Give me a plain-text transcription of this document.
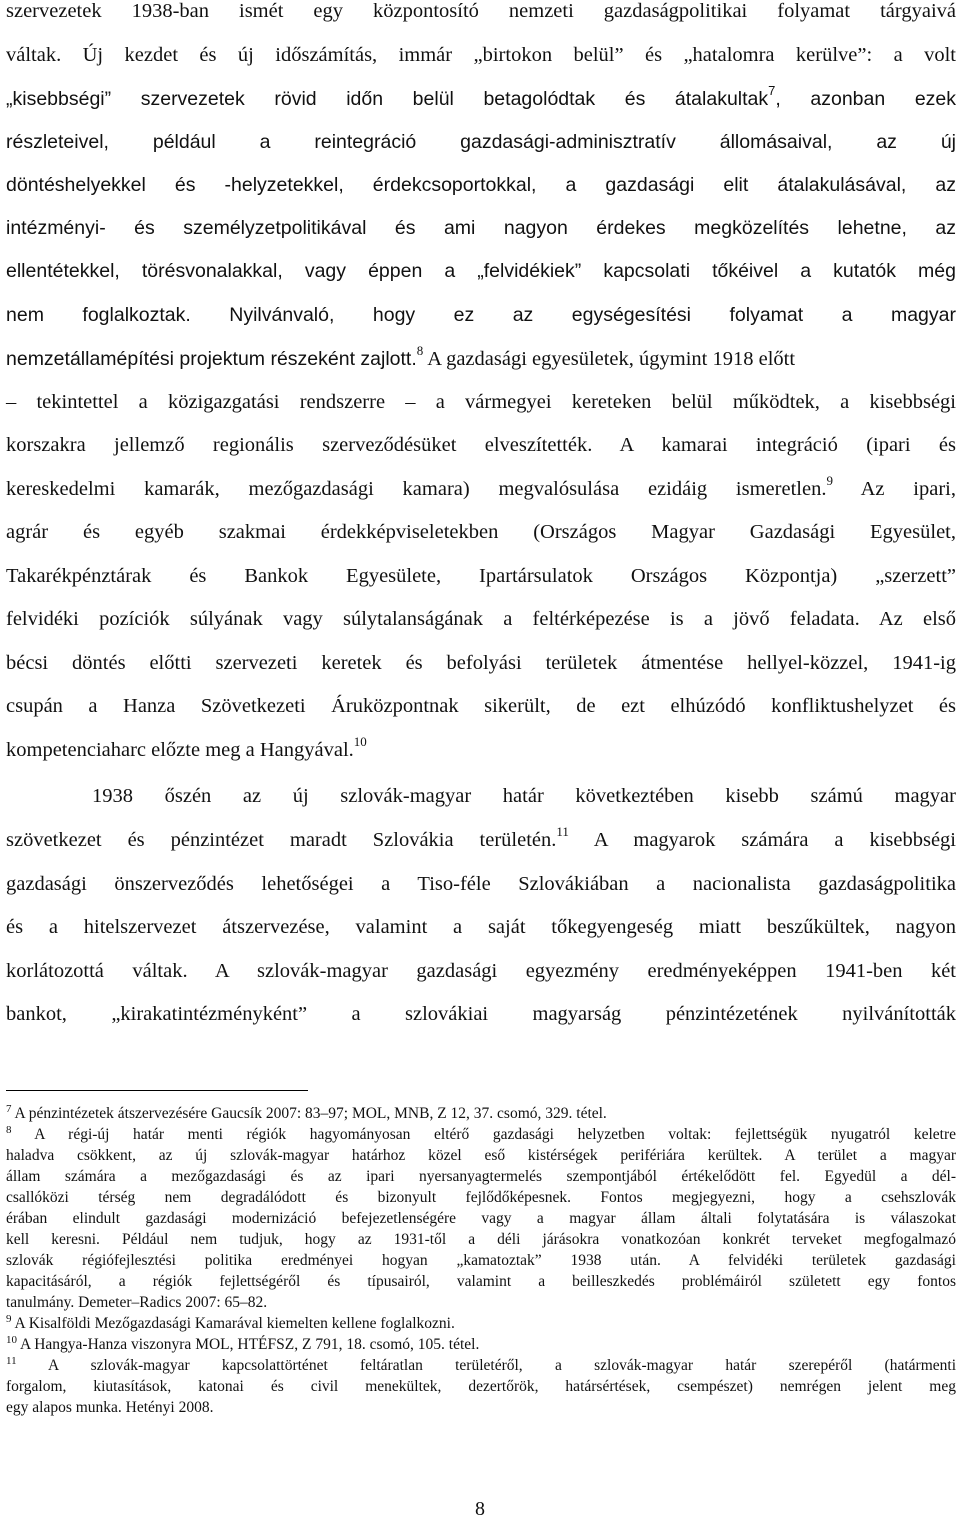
szervezetek 1938-ban ismét egy központosító nemzeti gazdaságpolitikai folyamat tárgyaivá
váltak. Új kezdet és új időszámítás, immár „birtokon belül” és „hatalomra kerülve”: a volt
„kisebbségi” szervezetek rövid időn belül betagolódtak és átalakultak$^7$, azonban ezek
részleteivel, például a reintegráció gazdasági-adminisztratív állomásaival, az új
döntéshelyekkel és -helyzetekkel, érdekcsoportokkal, a gazdasági elit átalakulásával, az
intézményi- és személyzetpolitikával és ami nagyon érdekes megközelítés lehetne, az
ellentétekkel, törésvonalakkal, vagy éppen a „felvidékiek” kapcsolati tőkéivel a kutatók még
nem foglalkoztak. Nyilvánvaló, hogy ez az egységesítési folyamat a magyar
nemzetállamépítési projektum részeként zajlott.$^8$ A gazdasági egyesületek, úgymint 1918 előtt
– tekintettel a közigazgatási rendszerre – a vármegyei kereteken belül működtek, a kisebbségi
korszakra jellemző regionális szerveződésüket elveszítették. A kamarai integráció (ipari és
kereskedelmi kamarák, mezőgazdasági kamara) megvalósulása ezidáig ismeretlen.$^9$ Az ipari,
agrár és egyéb szakmai érdekképviseletekben (Országos Magyar Gazdasági Egyesület,
Takarékpénztárak és Bankok Egyesülete, Ipartársulatok Országos Központja) „szerzett”
felvidéki pozíciók súlyának vagy súlytalanságának a feltérképezése is a jövő feladata. Az első
bécsi döntés előtti szervezeti keretek és befolyási területek átmentése hellyel-közzel, 1941-ig
csupán a Hanza Szövetkezeti Áruközpontnak sikerült, de ezt elhúzódó konfliktushelyzet és
kompetenciaharc előzte meg a Hangyával.$^{10}$
1938 őszén az új szlovák-magyar határ következtében kisebb számú magyar
szövetkezet és pénzintézet maradt Szlovákia területén.$^{11}$ A magyarok számára a kisebbségi
gazdasági önszerveződés lehetőségei a Tiso-féle Szlovákiában a nacionalista gazdaságpolitika
és a hitelszervezet átszervezése, valamint a saját tőkegyengeség miatt beszűkültek, nagyon
korlátozottá váltak. A szlovák-magyar gazdasági egyezmény eredményeképpen 1941-ben két
bankot, „kirakatintézményként” a szlovákiai magyarság pénzintézetének nyilvánították
$^7$ A pénzintézetek átszervezésére Gaucsík 2007: 83–97; MOL, MNB, Z 12, 37. csomó, 329. tétel.
$^8$ A régi-új határ menti régiók hagyományosan eltérő gazdasági helyzetben voltak: fejlettségük nyugatról keletre
haladva csökkent, az új szlovák-magyar határhoz közel eső kistérségek perifériára kerültek. A terület a magyar
állam számára a mezőgazdasági és az ipari nyersanyagtermelés szempontjából értékelődött fel. Egyedül a dél-
csallóközi térség nem degradálódott és bizonyult fejlődőképesnek. Fontos megjegyezni, hogy a csehszlovák
érában elindult gazdasági modernizáció befejezetlenségére vagy a magyar állam általi folytatására is válaszokat
kell keresni. Például nem tudjuk, hogy az 1931-től a déli járásokra vonatkozóan konkrét terveket megfogalmazó
szlovák régiófejlesztési politika eredményei hogyan „kamatoztak” 1938 után. A felvidéki területek gazdasági
kapacitásáról, a régiók fejlettségéről és típusairól, valamint a beilleszkedés problémáiról született egy fontos
tanulmány. Demeter–Radics 2007: 65–82.
$^9$ A Kisalföldi Mezőgazdasági Kamarával kiemelten kellene foglalkozni.
$^{10}$ A Hangya-Hanza viszonyra MOL, HTÉFSZ, Z 791, 18. csomó, 105. tétel.
$^{11}$ A szlovák-magyar kapcsolattörténet feltáratlan területéről, a szlovák-magyar határ szerepéről (határmenti
forgalom, kiutasítások, katonai és civil menekültek, dezertőrök, határsértések, csempészet) nemrégen jelent meg
egy alapos munka. Hetényi 2008.
8
